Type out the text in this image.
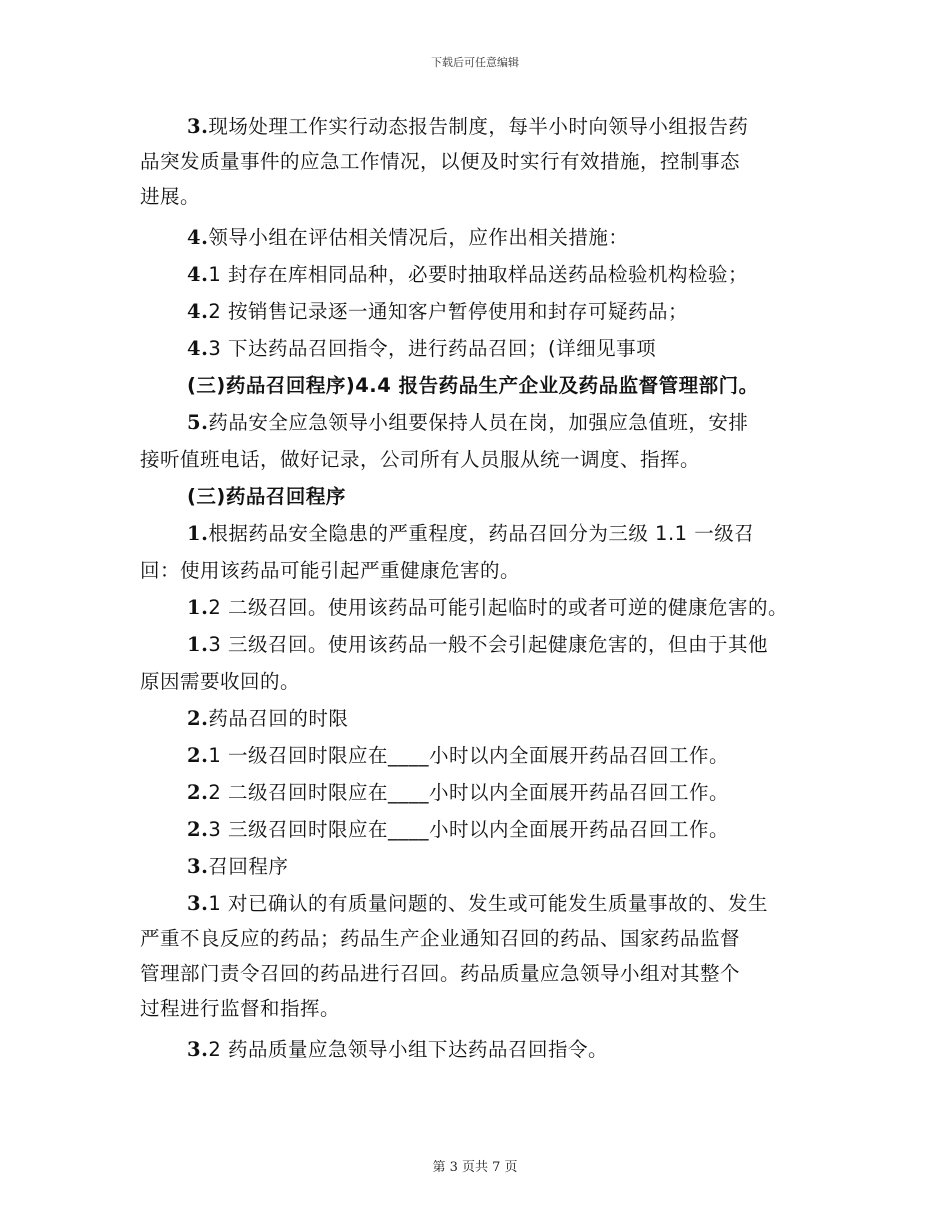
下载后可任意编辑
3.现场处理工作实行动态报告制度，每半小时向领导小组报告药
品突发质量事件的应急工作情况，以便及时实行有效措施，控制事态
进展。
4.领导小组在评估相关情况后，应作出相关措施：
4.1 封存在库相同品种，必要时抽取样品送药品检验机构检验；
4.2 按销售记录逐一通知客户暂停使用和封存可疑药品；
4.3 下达药品召回指令，进行药品召回；(详细见事项
(三)药品召回程序)4.4 报告药品生产企业及药品监督管理部门。
5.药品安全应急领导小组要保持人员在岗，加强应急值班，安排
接听值班电话，做好记录，公司所有人员服从统一调度、指挥。
(三)药品召回程序
1.根据药品安全隐患的严重程度，药品召回分为三级 1.1 一级召
回：使用该药品可能引起严重健康危害的。
1.2 二级召回。使用该药品可能引起临时的或者可逆的健康危害的。
1.3 三级召回。使用该药品一般不会引起健康危害的，但由于其他
原因需要收回的。
2.药品召回的时限
2.1 一级召回时限应在____小时以内全面展开药品召回工作。
2.2 二级召回时限应在____小时以内全面展开药品召回工作。
2.3 三级召回时限应在____小时以内全面展开药品召回工作。
3.召回程序
3.1 对已确认的有质量问题的、发生或可能发生质量事故的、发生
严重不良反应的药品；药品生产企业通知召回的药品、国家药品监督
管理部门责令召回的药品进行召回。药品质量应急领导小组对其整个
过程进行监督和指挥。
3.2 药品质量应急领导小组下达药品召回指令。
第 3 页共 7 页
